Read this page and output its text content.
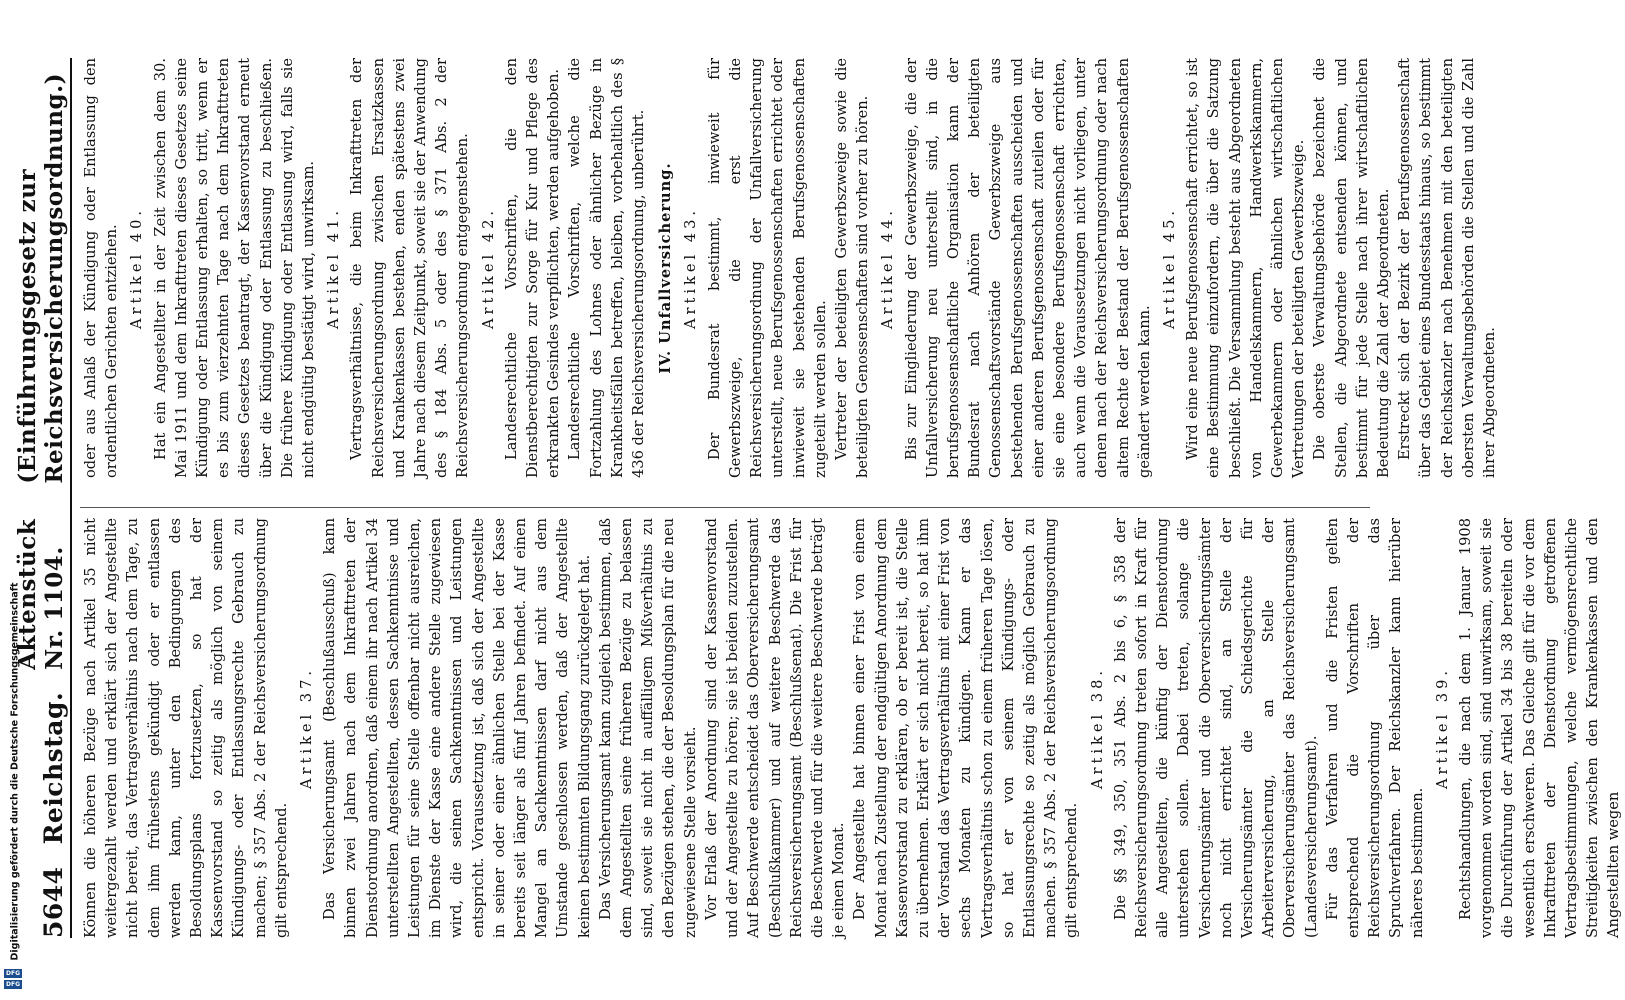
5644
Reichstag.
Aktenstück Nr. 1104.
(Einführungsgesetz zur Reichsversicherungsordnung.)
Können die höheren Bezüge nach Artikel 35 nicht weitergezahlt werden und erklärt sich der Angestellte nicht bereit, das Vertragsverhältnis nach dem Tage, zu dem ihm frühestens gekündigt oder er entlassen werden kann, unter den Bedingungen des Besoldungsplans fortzusetzen, so hat der Kassenvorstand so zeitig als möglich von seinem Kündigungs- oder Entlassungsrechte Gebrauch zu machen; § 357 Abs. 2 der Reichsversicherungsordnung gilt entsprechend.
Artikel 37. Das Versicherungsamt (Beschlußausschuß) kann binnen zwei Jahren nach dem Inkrafttreten der Dienstordnung anordnen, daß einem ihr nach Artikel 34 unterstellten Angestellten, dessen Sachkenntnisse und Leistungen für seine Stelle offenbar nicht ausreichen, im Dienste der Kasse eine andere Stelle zugewiesen wird, die seinen Sachkenntnissen und Leistungen entspricht. Voraussetzung ist, daß sich der Angestellte in seiner oder einer ähnlichen Stelle bei der Kasse bereits seit länger als fünf Jahren befindet. Auf einen Mangel an Sachkenntnissen darf nicht aus dem Umstande geschlossen werden, daß der Angestellte keinen bestimmten Bildungsgang zurückgelegt hat. Das Versicherungsamt kann zugleich bestimmen, daß dem Angestellten seine früheren Bezüge zu belassen sind, soweit sie nicht in auffälligem Mißverhältnis zu den Bezügen stehen, die der Besoldungsplan für die neu zugewiesene Stelle vorsieht. Vor Erlaß der Anordnung sind der Kassenvorstand und der Angestellte zu hören; sie ist beiden zuzustellen. Auf Beschwerde entscheidet das Oberversicherungsamt (Beschlußkammer) und auf weitere Beschwerde das Reichsversicherungsamt (Beschlußsenat). Die Frist für die Beschwerde und für die weitere Beschwerde beträgt je einen Monat. Der Angestellte hat binnen einer Frist von einem Monat nach Zustellung der endgültigen Anordnung dem Kassenvorstand zu erklären, ob er bereit ist, die Stelle zu übernehmen. Erklärt er sich nicht bereit, so hat ihm der Vorstand das Vertragsverhältnis mit einer Frist von sechs Monaten zu kündigen. Kann er das Vertragsverhältnis schon zu einem früheren Tage lösen, so hat er von seinem Kündigungs- oder Entlassungsrechte so zeitig als möglich Gebrauch zu machen. § 357 Abs. 2 der Reichsversicherungsordnung gilt entsprechend.
Artikel 38. Die §§ 349, 350, 351 Abs. 2 bis 6, § 358 der Reichsversicherungsordnung treten sofort in Kraft für alle Angestellten, die künftig der Dienstordnung unterstehen sollen. Dabei treten, solange die Versicherungsämter und die Oberversicherungsämter noch nicht errichtet sind, an Stelle der Versicherungsämter die Schiedsgerichte für Arbeiterversicherung, an Stelle der Oberversicherungsämter das Reichsversicherungsamt (Landesversicherungsamt). Für das Verfahren und die Fristen gelten entsprechend die Vorschriften der Reichsversicherungsordnung über das Spruchverfahren. Der Reichskanzler kann hierüber näheres bestimmen.
Artikel 39. Rechtshandlungen, die nach dem 1. Januar 1908 vorgenommen worden sind, sind unwirksam, soweit sie die Durchführung der Artikel 34 bis 38 bereiteln oder wesentlich erschweren. Das Gleiche gilt für die vor dem Inkrafttreten der Dienstordnung getroffenen Vertragsbestimmungen, welche vermögensrechtliche Streitigkeiten zwischen den Krankenkassen und den Angestellten wegen
oder aus Anlaß der Kündigung oder Entlassung den ordentlichen Gerichten entziehen. Artikel 40. Hat ein Angestellter in der Zeit zwischen dem 30. Mai 1911 und dem Inkrafttreten dieses Gesetzes seine Kündigung oder Entlassung erhalten, so tritt, wenn er es bis zum vierzehnten Tage nach dem Inkrafttreten dieses Gesetzes beantragt, der Kassenvorstand erneut über die Kündigung oder Entlassung zu beschließen. Die frühere Kündigung oder Entlassung wird, falls sie nicht endgültig bestätigt wird, unwirksam. Artikel 41. Vertragsverhältnisse, die beim Inkrafttreten der Reichsversicherungsordnung zwischen Ersatzkassen und Krankenkassen bestehen, enden spätestens zwei Jahre nach diesem Zeitpunkt, soweit sie der Anwendung des § 184 Abs. 5 oder des § 371 Abs. 2 der Reichsversicherungsordnung entgegenstehen. Artikel 42. Landesrechtliche Vorschriften, die den Dienstberechtigten zur Sorge für Kur und Pflege des erkrankten Gesindes verpflichten, werden aufgehoben. Landesrechtliche Vorschriften, welche die Fortzahlung des Lohnes oder ähnlicher Bezüge in Krankheitsfällen betreffen, bleiben, vorbehaltlich des § 436 der Reichsversicherungsordnung, unberührt. IV. Unfallversicherung. Artikel 43. Der Bundesrat bestimmt, inwieweit für Gewerbszweige, die erst die Reichsversicherungsordnung der Unfallversicherung unterstellt, neue Berufsgenossenschaften errichtet oder inwieweit sie bestehenden Berufsgenossenschaften zugeteilt werden sollen. Vertreter der beteiligten Gewerbszweige sowie die beteiligten Genossenschaften sind vorher zu hören. Artikel 44. Bis zur Eingliederung der Gewerbszweige, die der Unfallversicherung neu unterstellt sind, in die berufsgenossenschaftliche Organisation kann der Bundesrat nach Anhören der beteiligten Genossenschaftsvorstände Gewerbszweige aus bestehenden Berufsgenossenschaften ausscheiden und einer anderen Berufsgenossenschaft zuteilen oder für sie eine besondere Berufsgenossenschaft errichten, auch wenn die Voraussetzungen nicht vorliegen, unter denen nach der Reichsversicherungsordnung oder nach altem Rechte der Bestand der Berufsgenossenschaften geändert werden kann.
Artikel 45. Wird eine neue Berufsgenossenschaft errichtet, so ist eine Bestimmung einzufordern, die über die Satzung beschließt. Die Versammlung besteht aus Abgeordneten von Handelskammern, Handwerkskammern, Gewerbekammern oder ähnlichen wirtschaftlichen Vertretungen der beteiligten Gewerbszweige. Die oberste Verwaltungsbehörde bezeichnet die Stellen, die Abgeordnete entsenden können, und bestimmt für jede Stelle nach ihrer wirtschaftlichen Bedeutung die Zahl der Abgeordneten. Erstreckt sich der Bezirk der Berufsgenossenschaft über das Gebiet eines Bundesstaats hinaus, so bestimmt der Reichskanzler nach Benehmen mit den beteiligten obersten Verwaltungsbehörden die Stellen und die Zahl ihrer Abgeordneten.
Digitalisierung gefördert durch die Deutsche Forschungsgemeinschaft
DFG
DFG
